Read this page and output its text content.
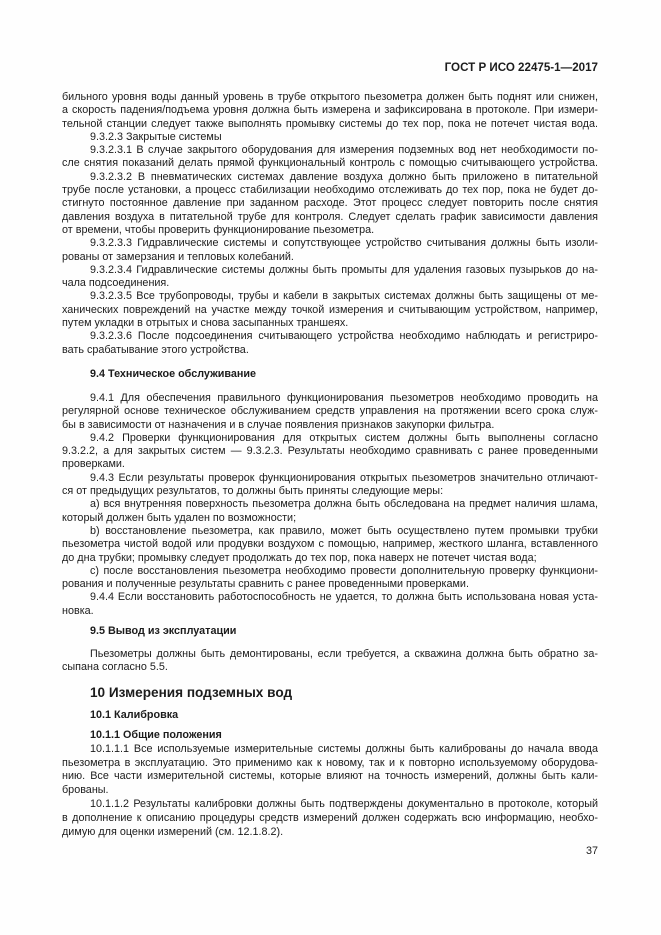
ГОСТ Р ИСО 22475-1—2017
бильного уровня воды данный уровень в трубе открытого пьезометра должен быть поднят или снижен,
а скорость падения/подъема уровня должна быть измерена и зафиксирована в протоколе. При измери-
тельной станции следует также выполнять промывку системы до тех пор, пока не потечет чистая вода.
9.3.2.3 Закрытые системы
9.3.2.3.1 В случае закрытого оборудования для измерения подземных вод нет необходимости по-
сле снятия показаний делать прямой функциональный контроль с помощью считывающего устройства.
9.3.2.3.2 В пневматических системах давление воздуха должно быть приложено в питательной
трубе после установки, а процесс стабилизации необходимо отслеживать до тех пор, пока не будет до-
стигнуто постоянное давление при заданном расходе. Этот процесс следует повторить после снятия
давления воздуха в питательной трубе для контроля. Следует сделать график зависимости давления
от времени, чтобы проверить функционирование пьезометра.
9.3.2.3.3 Гидравлические системы и сопутствующее устройство считывания должны быть изоли-
рованы от замерзания и тепловых колебаний.
9.3.2.3.4 Гидравлические системы должны быть промыты для удаления газовых пузырьков до на-
чала подсоединения.
9.3.2.3.5 Все трубопроводы, трубы и кабели в закрытых системах должны быть защищены от ме-
ханических повреждений на участке между точкой измерения и считывающим устройством, например,
путем укладки в отрытых и снова засыпанных траншеях.
9.3.2.3.6 После подсоединения считывающего устройства необходимо наблюдать и регистриро-
вать срабатывание этого устройства.
9.4 Техническое обслуживание
9.4.1 Для обеспечения правильного функционирования пьезометров необходимо проводить на
регулярной основе техническое обслуживанием средств управления на протяжении всего срока служ-
бы в зависимости от назначения и в случае появления признаков закупорки фильтра.
9.4.2 Проверки функционирования для открытых систем должны быть выполнены согласно
9.3.2.2, а для закрытых систем — 9.3.2.3. Результаты необходимо сравнивать с ранее проведенными
проверками.
9.4.3 Если результаты проверок функционирования открытых пьезометров значительно отличают-
ся от предыдущих результатов, то должны быть приняты следующие меры:
а) вся внутренняя поверхность пьезометра должна быть обследована на предмет наличия шлама,
который должен быть удален по возможности;
b) восстановление пьезометра, как правило, может быть осуществлено путем промывки трубки
пьезометра чистой водой или продувки воздухом с помощью, например, жесткого шланга, вставленного
до дна трубки; промывку следует продолжать до тех пор, пока наверх не потечет чистая вода;
с) после восстановления пьезометра необходимо провести дополнительную проверку функциони-
рования и полученные результаты сравнить с ранее проведенными проверками.
9.4.4 Если восстановить работоспособность не удается, то должна быть использована новая уста-
новка.
9.5 Вывод из эксплуатации
Пьезометры должны быть демонтированы, если требуется, а скважина должна быть обратно за-
сыпана согласно 5.5.
10 Измерения подземных вод
10.1 Калибровка
10.1.1 Общие положения
10.1.1.1 Все используемые измерительные системы должны быть калиброваны до начала ввода
пьезометра в эксплуатацию. Это применимо как к новому, так и к повторно используемому оборудова-
нию. Все части измерительной системы, которые влияют на точность измерений, должны быть кали-
брованы.
10.1.1.2 Результаты калибровки должны быть подтверждены документально в протоколе, который
в дополнение к описанию процедуры средств измерений должен содержать всю информацию, необхо-
димую для оценки измерений (см. 12.1.8.2).
37
